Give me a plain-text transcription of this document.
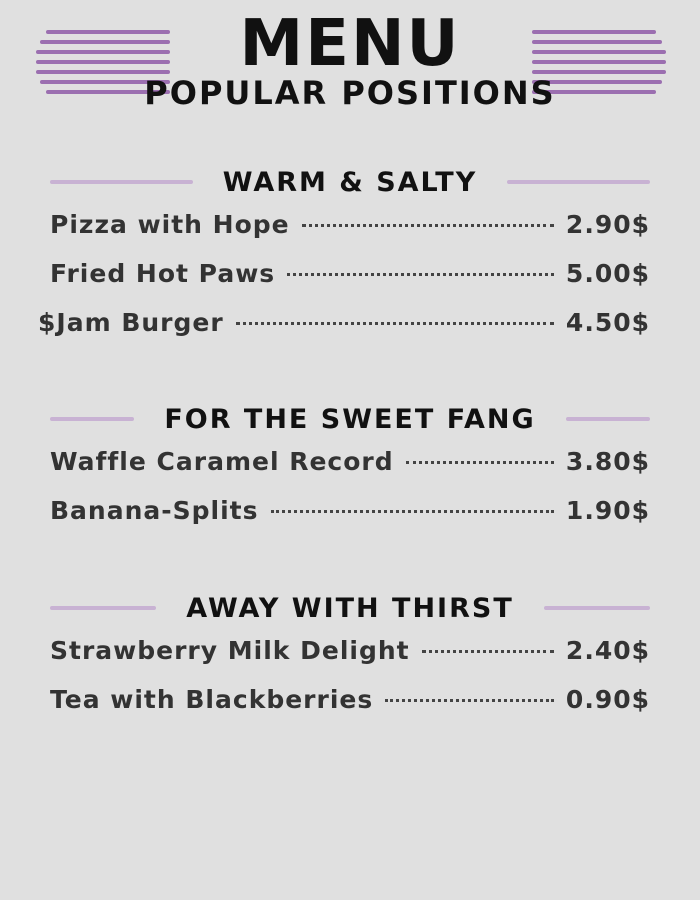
MENU
POPULAR POSITIONS
WARM & SALTY
Pizza with Hope	2.90$
Fried Hot Paws	5.00$
$Jam Burger	4.50$
FOR THE SWEET FANG
Waffle Caramel Record	3.80$
Banana-Splits	1.90$
AWAY WITH THIRST
Strawberry Milk Delight	2.40$
Tea with Blackberries	0.90$
